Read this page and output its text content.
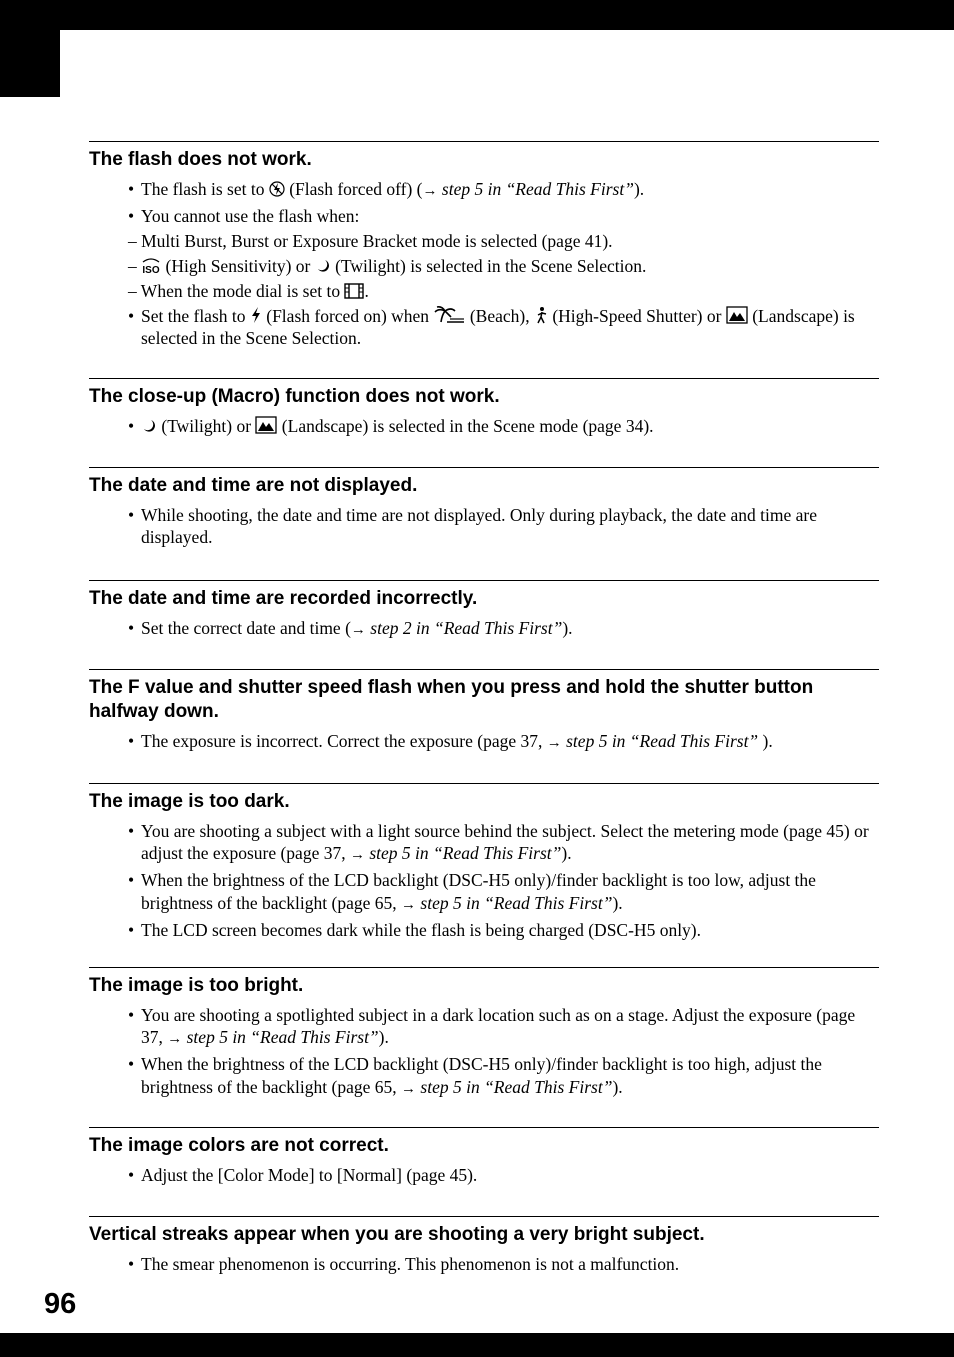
The flash does not work.
• The flash is set to (Flash forced off) (→ step 5 in “Read This First”).
• You cannot use the flash when:
– Multi Burst, Burst or Exposure Bracket mode is selected (page 41).
– ISO (High Sensitivity) or (Twilight) is selected in the Scene Selection.
– When the mode dial is set to .
• Set the flash to (Flash forced on) when (Beach), (High-Speed Shutter) or (Landscape) is selected in the Scene Selection.
The close-up (Macro) function does not work.
• (Twilight) or (Landscape) is selected in the Scene mode (page 34).
The date and time are not displayed.
• While shooting, the date and time are not displayed. Only during playback, the date and time are displayed.
The date and time are recorded incorrectly.
• Set the correct date and time (→ step 2 in “Read This First”).
The F value and shutter speed flash when you press and hold the shutter button halfway down.
• The exposure is incorrect. Correct the exposure (page 37, → step 5 in “Read This First” ).
The image is too dark.
• You are shooting a subject with a light source behind the subject. Select the metering mode (page 45) or adjust the exposure (page 37, → step 5 in “Read This First”).
• When the brightness of the LCD backlight (DSC-H5 only)/finder backlight is too low, adjust the brightness of the backlight (page 65, → step 5 in “Read This First”).
• The LCD screen becomes dark while the flash is being charged (DSC-H5 only).
The image is too bright.
• You are shooting a spotlighted subject in a dark location such as on a stage. Adjust the exposure (page 37, → step 5 in “Read This First”).
• When the brightness of the LCD backlight (DSC-H5 only)/finder backlight is too high, adjust the brightness of the backlight (page 65, → step 5 in “Read This First”).
The image colors are not correct.
• Adjust the [Color Mode] to [Normal] (page 45).
Vertical streaks appear when you are shooting a very bright subject.
• The smear phenomenon is occurring. This phenomenon is not a malfunction.
96
